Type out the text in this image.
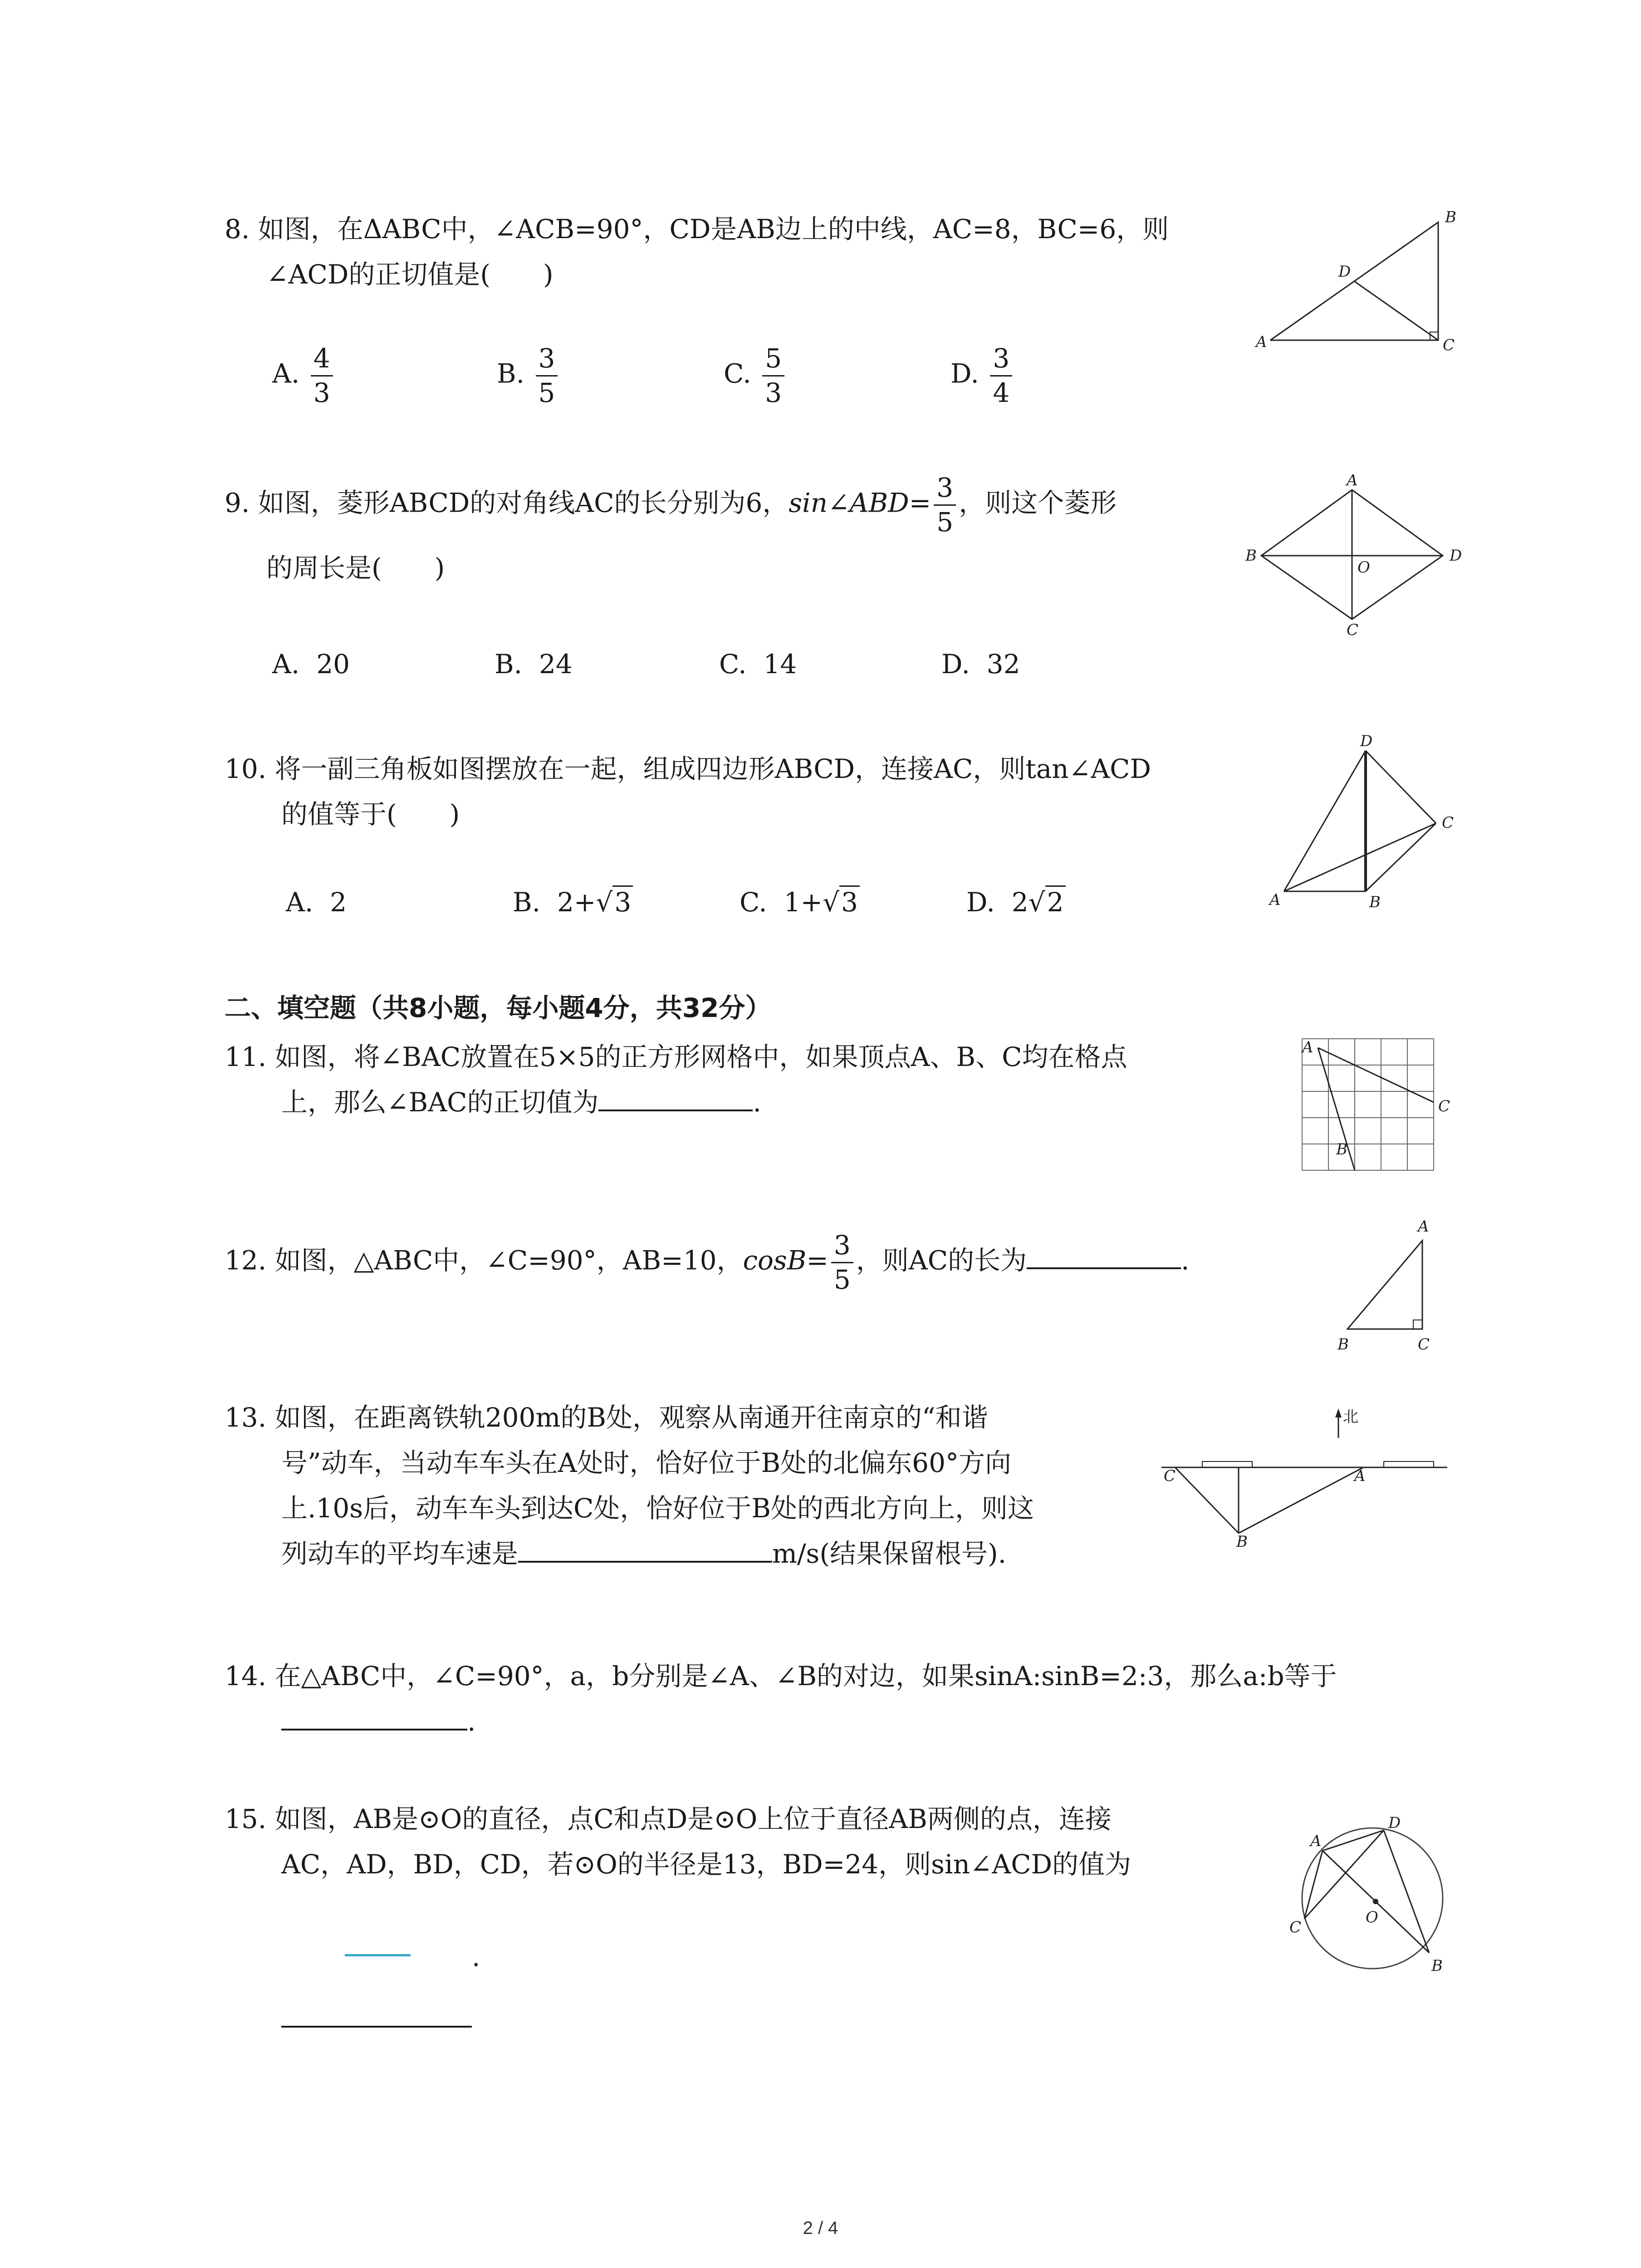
8. 如图，在ΔABC中，∠ACB=90°，CD是AB边上的中线，AC=8，BC=6，则
∠ACD的正切值是(　　)
A. $\frac{4}{3}$	B. $\frac{3}{5}$	C. $\frac{5}{3}$	D. $\frac{3}{4}$
A
B
C
D
9. 如图，菱形ABCD的对角线AC的长分别为6，sin∠ABD= $\frac{3}{5}$ ，则这个菱形
的周长是(　　)
A. 20	B. 24	C. 14	D. 32
A
B
C
D
O
10. 将一副三角板如图摆放在一起，组成四边形ABCD，连接AC，则tan∠ACD
的值等于(　　)
A. 2	B. 2+√3	C. 1+√3	D. 2√2	A	B
C
D
二、填空题（共8小题，每小题4分，共32分）
11. 如图，将∠BAC放置在5×5的正方形网格中，如果顶点A、B、C均在格点
上，那么∠BAC的正切值为	.
A
B
C
12. 如图，△ABC中，∠C=90°，AB=10，$\cos B= \frac{3}{5}$ ，则AC的长为	.
A
B	C
13. 如图，在距离铁轨200m的B处，观察从南通开往南京的“和谐
号”动车，当动车车头在A处时，恰好位于B处的北偏东60°方向
上.10s后，动车车头到达C处，恰好位于B处的西北方向上，则这
列动车的平均车速是	m/s(结果保留根号).
C	A
B
北
14. 在△ABC中，∠C=90°，a，b分别是∠A、∠B的对边，如果sinA:sinB=2:3，那么a:b等于
.
15. 如图，AB是⊙O的直径，点C和点D是⊙O上位于直径AB两侧的点，连接
AC，AD，BD，CD，若⊙O的半径是13，BD=24，则sin∠ACD的值为
.
A
B
C
D
O
2 / 4
